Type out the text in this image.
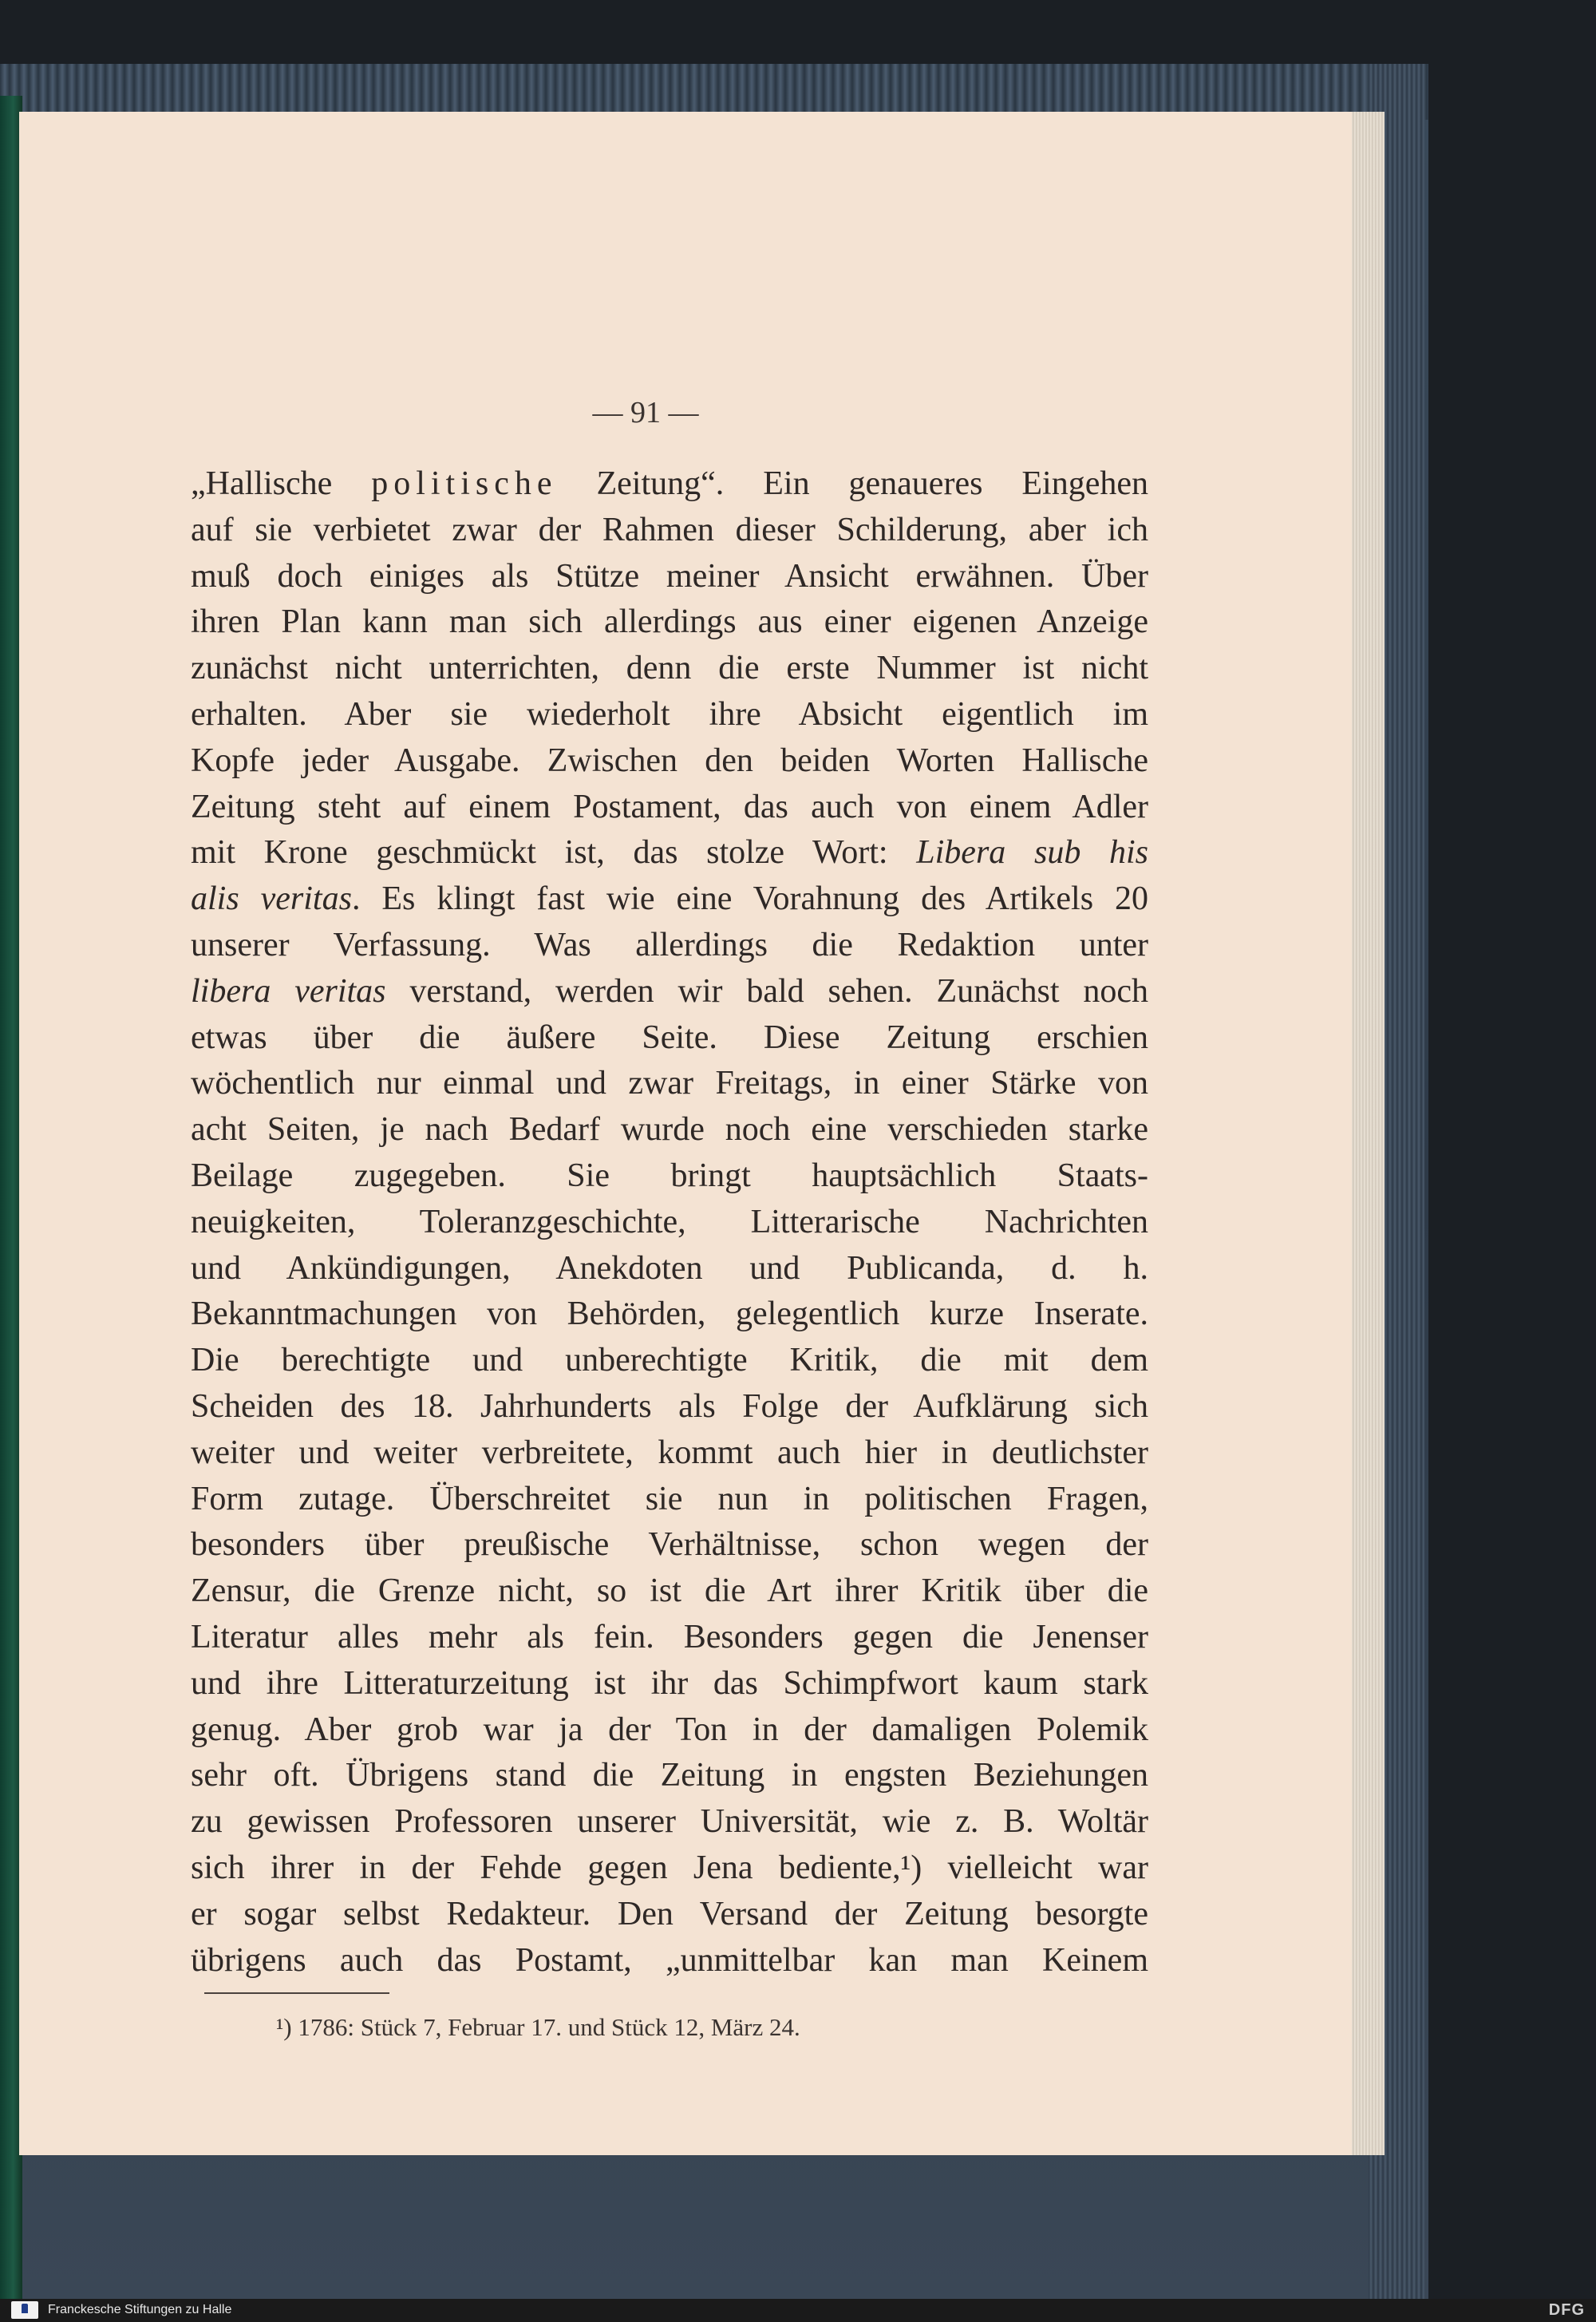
— 91 —
„Hallische politische Zeitung“. Ein genaueres Eingehen
auf sie verbietet zwar der Rahmen dieser Schilderung, aber ich
muß doch einiges als Stütze meiner Ansicht erwähnen. Über
ihren Plan kann man sich allerdings aus einer eigenen Anzeige
zunächst nicht unterrichten, denn die erste Nummer ist nicht
erhalten. Aber sie wiederholt ihre Absicht eigentlich im
Kopfe jeder Ausgabe. Zwischen den beiden Worten Hallische
Zeitung steht auf einem Postament, das auch von einem Adler
mit Krone geschmückt ist, das stolze Wort: Libera sub his
alis veritas. Es klingt fast wie eine Vorahnung des Artikels 20
unserer Verfassung. Was allerdings die Redaktion unter
libera veritas verstand, werden wir bald sehen. Zunächst noch
etwas über die äußere Seite. Diese Zeitung erschien
wöchentlich nur einmal und zwar Freitags, in einer Stärke von
acht Seiten, je nach Bedarf wurde noch eine verschieden starke
Beilage zugegeben. Sie bringt hauptsächlich Staats-
neuigkeiten, Toleranzgeschichte, Litterarische Nachrichten
und Ankündigungen, Anekdoten und Publicanda, d. h.
Bekanntmachungen von Behörden, gelegentlich kurze Inserate.
Die berechtigte und unberechtigte Kritik, die mit dem
Scheiden des 18. Jahrhunderts als Folge der Aufklärung sich
weiter und weiter verbreitete, kommt auch hier in deutlichster
Form zutage. Überschreitet sie nun in politischen Fragen,
besonders über preußische Verhältnisse, schon wegen der
Zensur, die Grenze nicht, so ist die Art ihrer Kritik über die
Literatur alles mehr als fein. Besonders gegen die Jenenser
und ihre Litteraturzeitung ist ihr das Schimpfwort kaum stark
genug. Aber grob war ja der Ton in der damaligen Polemik
sehr oft. Übrigens stand die Zeitung in engsten Beziehungen
zu gewissen Professoren unserer Universität, wie z. B. Woltär
sich ihrer in der Fehde gegen Jena bediente,¹) vielleicht war
er sogar selbst Redakteur. Den Versand der Zeitung besorgte
übrigens auch das Postamt, „unmittelbar kan man Keinem
¹) 1786: Stück 7, Februar 17. und Stück 12, März 24.
Franckesche Stiftungen zu Halle	DFG
